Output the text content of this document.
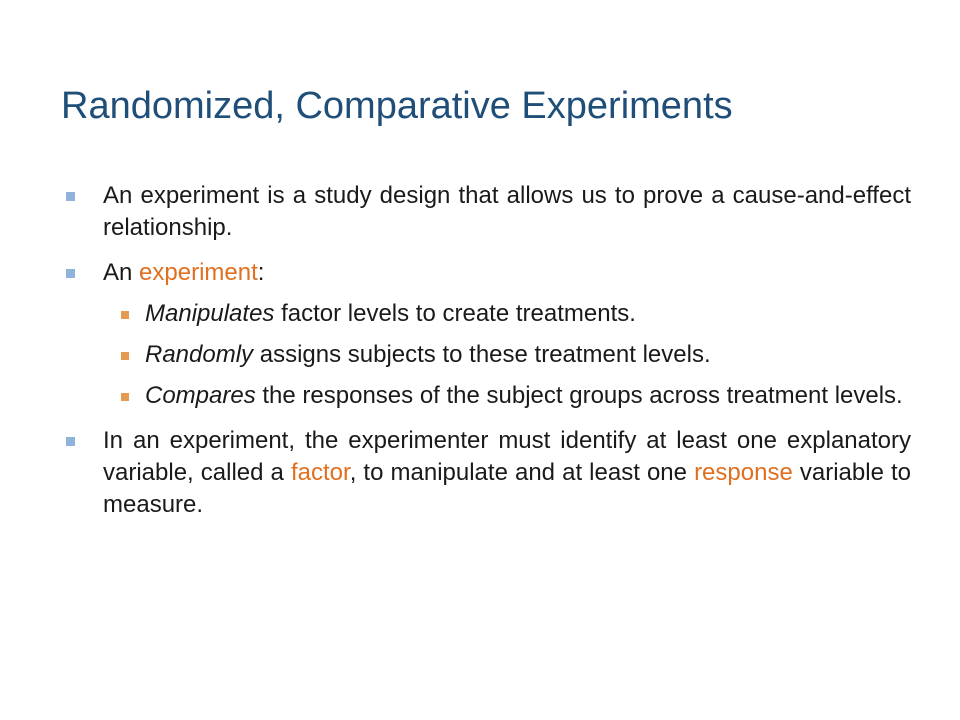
Randomized, Comparative Experiments
An experiment is a study design that allows us to prove a cause-and-effect relationship.
An experiment:
Manipulates factor levels to create treatments.
Randomly assigns subjects to these treatment levels.
Compares the responses of the subject groups across treatment levels.
In an experiment, the experimenter must identify at least one explanatory variable, called a factor, to manipulate and at least one response variable to measure.
